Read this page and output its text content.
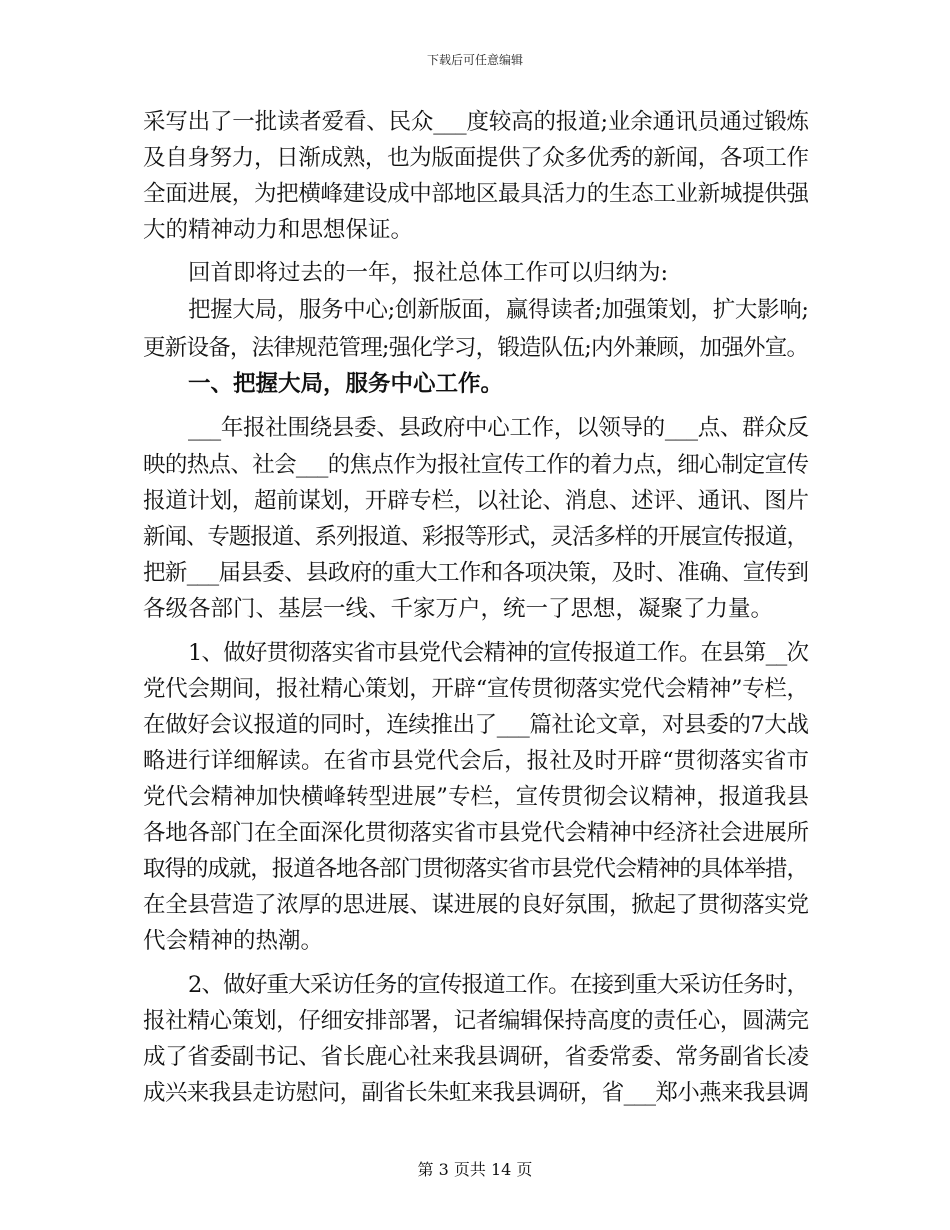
下载后可任意编辑
采写出了一批读者爱看、民众___度较高的报道;业余通讯员通过锻炼
及自身努力，日渐成熟，也为版面提供了众多优秀的新闻，各项工作
全面进展，为把横峰建设成中部地区最具活力的生态工业新城提供强
大的精神动力和思想保证。
回首即将过去的一年，报社总体工作可以归纳为:
把握大局，服务中心;创新版面，赢得读者;加强策划，扩大影响;
更新设备，法律规范管理;强化学习，锻造队伍;内外兼顾，加强外宣。
一、把握大局，服务中心工作。
___年报社围绕县委、县政府中心工作，以领导的___点、群众反
映的热点、社会___的焦点作为报社宣传工作的着力点，细心制定宣传
报道计划，超前谋划，开辟专栏，以社论、消息、述评、通讯、图片
新闻、专题报道、系列报道、彩报等形式，灵活多样的开展宣传报道，
把新___届县委、县政府的重大工作和各项决策，及时、准确、宣传到
各级各部门、基层一线、千家万户，统一了思想，凝聚了力量。
1、做好贯彻落实省市县党代会精神的宣传报道工作。在县第__次
党代会期间，报社精心策划，开辟“宣传贯彻落实党代会精神”专栏，
在做好会议报道的同时，连续推出了___篇社论文章，对县委的7大战
略进行详细解读。在省市县党代会后，报社及时开辟“贯彻落实省市
党代会精神加快横峰转型进展”专栏，宣传贯彻会议精神，报道我县
各地各部门在全面深化贯彻落实省市县党代会精神中经济社会进展所
取得的成就，报道各地各部门贯彻落实省市县党代会精神的具体举措，
在全县营造了浓厚的思进展、谋进展的良好氛围，掀起了贯彻落实党
代会精神的热潮。
2、做好重大采访任务的宣传报道工作。在接到重大采访任务时，
报社精心策划，仔细安排部署，记者编辑保持高度的责任心，圆满完
成了省委副书记、省长鹿心社来我县调研，省委常委、常务副省长凌
成兴来我县走访慰问，副省长朱虹来我县调研，省___郑小燕来我县调
第 3 页共 14 页
